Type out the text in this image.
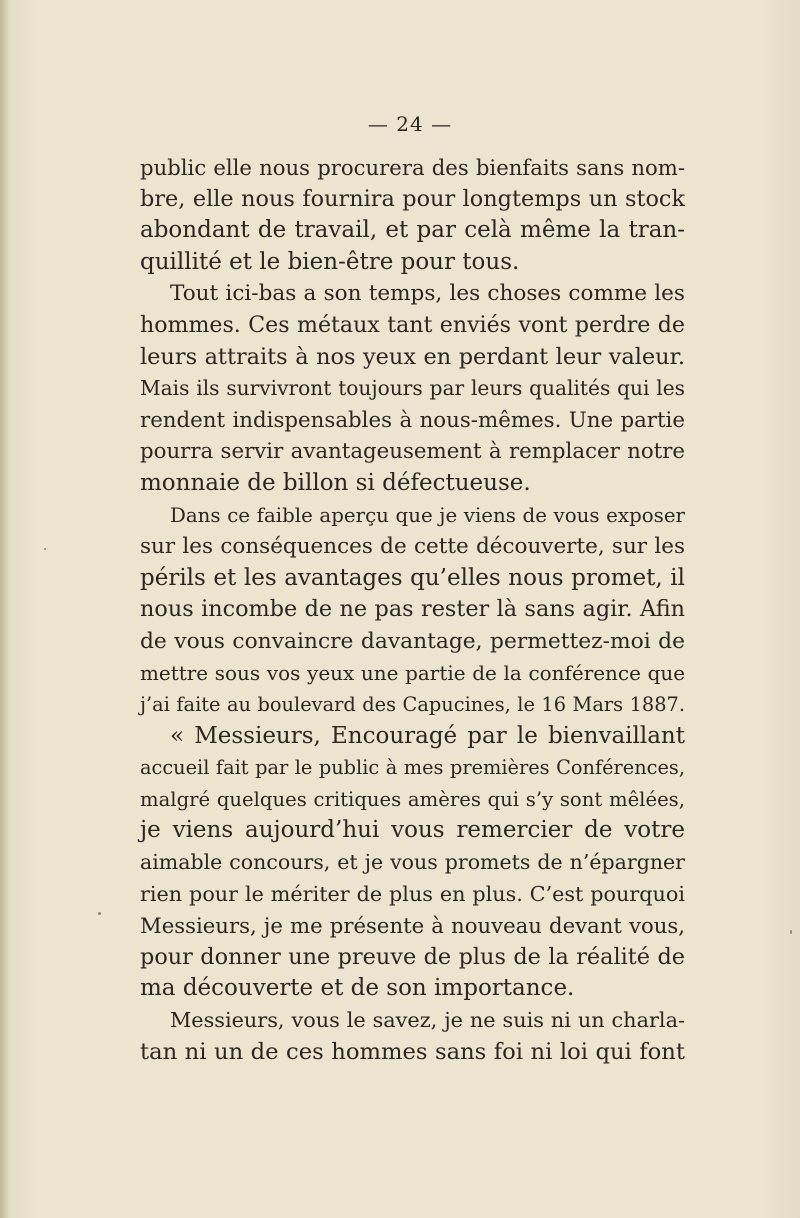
— 24 —
public elle nous procurera des bienfaits sans nom-
bre, elle nous fournira pour longtemps un stock
abondant de travail, et par celà même la tran-
quillité et le bien-être pour tous.
Tout ici-bas a son temps, les choses comme les
hommes. Ces métaux tant enviés vont perdre de
leurs attraits à nos yeux en perdant leur valeur.
Mais ils survivront toujours par leurs qualités qui les
rendent indispensables à nous-mêmes. Une partie
pourra servir avantageusement à remplacer notre
monnaie de billon si défectueuse.
Dans ce faible aperçu que je viens de vous exposer
sur les conséquences de cette découverte, sur les
périls et les avantages qu’elles nous promet, il
nous incombe de ne pas rester là sans agir. Afin
de vous convaincre davantage, permettez-moi de
mettre sous vos yeux une partie de la conférence que
j’ai faite au boulevard des Capucines, le 16 Mars 1887.
« Messieurs, Encouragé par le bienvaillant
accueil fait par le public à mes premières Conférences,
malgré quelques critiques amères qui s’y sont mêlées,
je viens aujourd’hui vous remercier de votre
aimable concours, et je vous promets de n’épargner
rien pour le mériter de plus en plus. C’est pourquoi
Messieurs, je me présente à nouveau devant vous,
pour donner une preuve de plus de la réalité de
ma découverte et de son importance.
Messieurs, vous le savez, je ne suis ni un charla-
tan ni un de ces hommes sans foi ni loi qui font
